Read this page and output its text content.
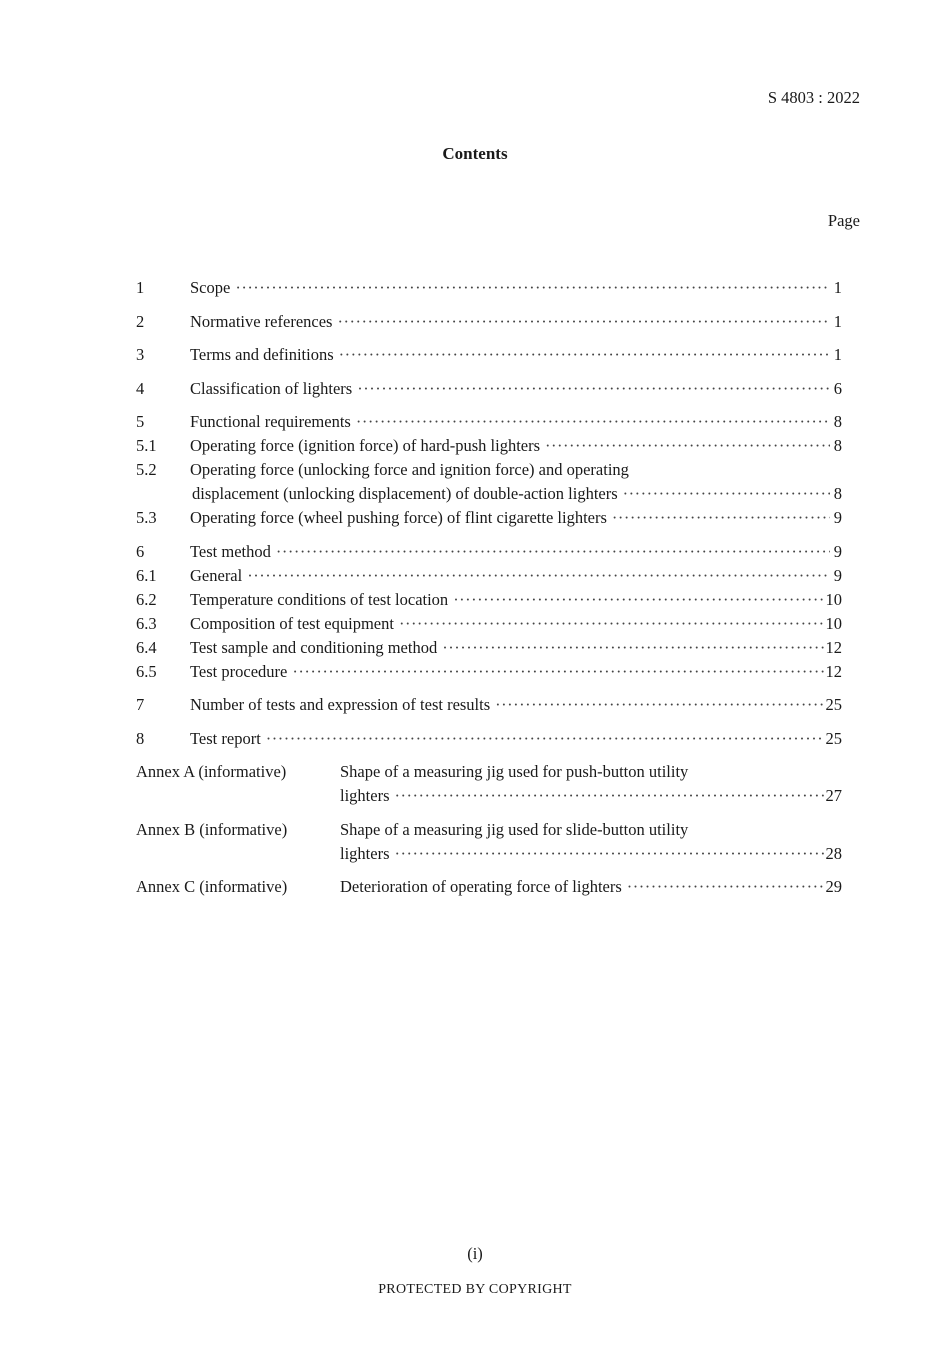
S 4803 : 2022
Contents
Page
1	Scope ·····	1
2	Normative references ·····	1
3	Terms and definitions ·····	1
4	Classification of lighters ·····	6
5	Functional requirements ·····	8
5.1	Operating force (ignition force) of hard-push lighters ·····	8
5.2	Operating force (unlocking force and ignition force) and operating
displacement (unlocking displacement) of double-action lighters ·····	8
5.3	Operating force (wheel pushing force) of flint cigarette lighters ·····	9
6	Test method ·····	9
6.1	General ·····	9
6.2	Temperature conditions of test location ·····	10
6.3	Composition of test equipment ·····	10
6.4	Test sample and conditioning method ·····	12
6.5	Test procedure ·····	12
7	Number of tests and expression of test results ·····	25
8	Test report ·····	25
Annex A (informative)	Shape of a measuring jig used for push-button utility
lighters ·····	27
Annex B (informative)	Shape of a measuring jig used for slide-button utility
lighters ·····	28
Annex C (informative)	Deterioration of operating force of lighters ·····	29
(i)
PROTECTED BY COPYRIGHT
